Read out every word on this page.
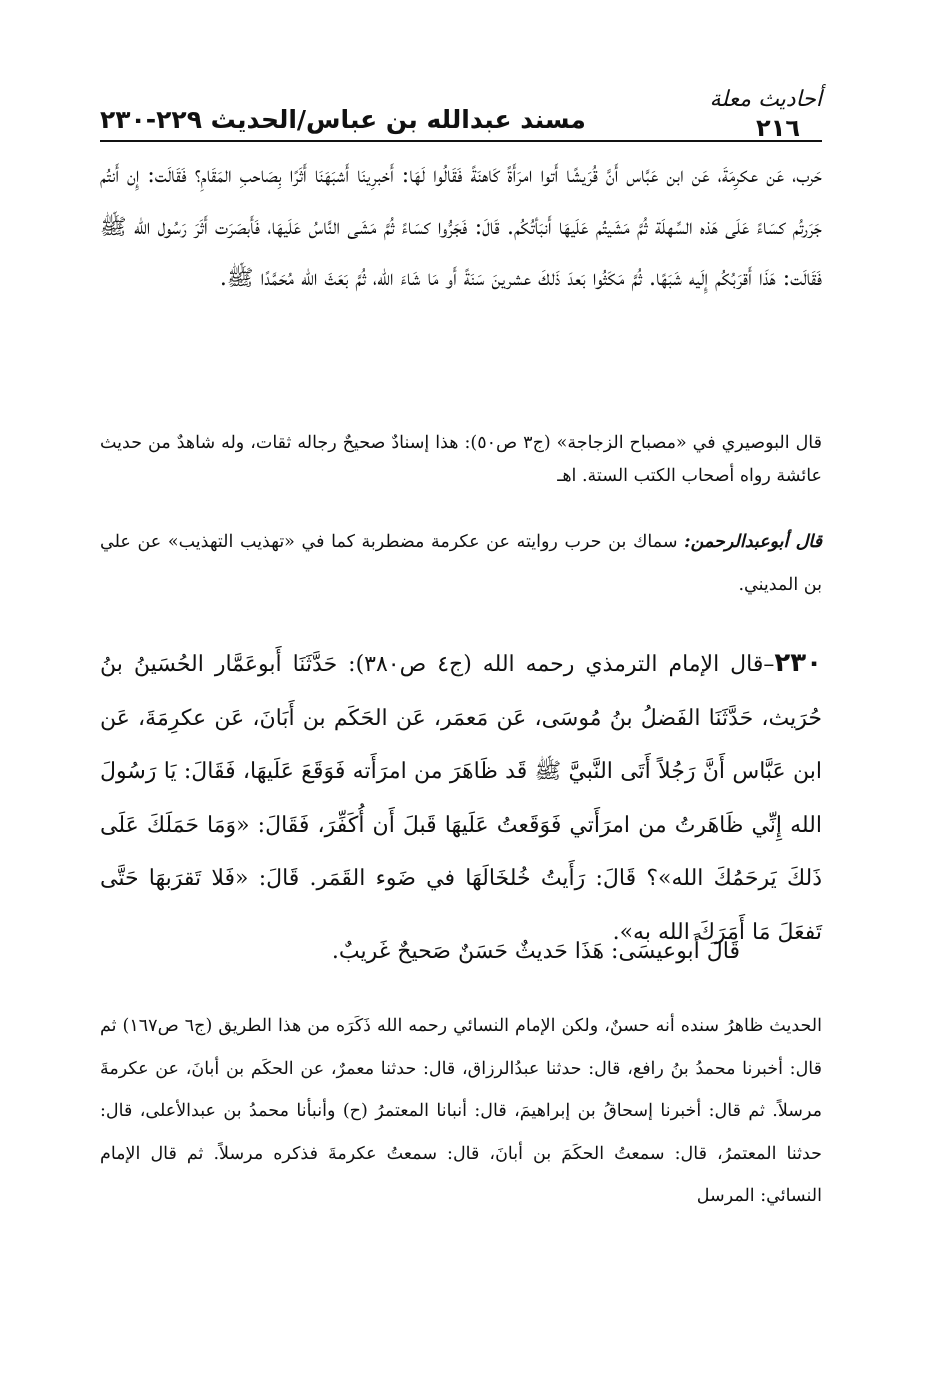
أحاديث معلة
٢١٦
مسند عبدالله بن عباس/الحديث ٢٢٩-٢٣٠

حَرب، عَن عكرِمَةَ، عَن ابن عَبَّاس أَنَّ قُرَيشًا أَتوا امرَأَةً كَاهنَةً فَقَالُوا لَهَا: أَخبرِينَا أَشبَهَنَا أَثَرًا بِصَاحبِ المَقَامِ؟ فَقَالَت: إِن أَنتُم جَرَرتُم كسَاءً عَلَى هَذه السِّهلَة ثُمَّ مَشَيتُم عَلَيهَا أَنبَأتُكُم. قَالَ: فَجَرُّوا كسَاءً ثُمَّ مَشَى النَّاسُ عَلَيهَا، فَأَبصَرَت أَثَرَ رَسُول الله ﷺ فَقَالَت: هَذَا أَقرَبُكُم إِلَيه شَبَهًا. ثُمَّ مَكَثُوا بَعدَ ذَلكَ عشرينَ سَنَةً أَو مَا شَاءَ الله، ثُمَّ بَعَثَ الله مُحَمَّدًا ﷺ.

قال البوصيري في «مصباح الزجاجة» (ج٣ ص٥٠): هذا إسنادٌ صحيحٌ رجاله ثقات، وله شاهدٌ من حديث عائشة رواه أصحاب الكتب الستة. اهـ

قال أبوعبدالرحمن: سماك بن حرب روايته عن عكرمة مضطربة كما في «تهذيب التهذيب» عن علي بن المديني.

٢٣٠–قال الإمام الترمذي رحمه الله (ج٤ ص٣٨٠): حَدَّثَنَا أَبوعَمَّار الحُسَينُ بنُ حُرَيث، حَدَّثَنَا الفَضلُ بنُ مُوسَى، عَن مَعمَر، عَن الحَكَم بن أَبَانَ، عَن عكرِمَةَ، عَن ابن عَبَّاس أَنَّ رَجُلاً أَتَى النَّبيَّ ﷺ قَد ظَاهَرَ من امرَأَته فَوَقَعَ عَلَيهَا، فَقَالَ: يَا رَسُولَ الله إِنِّي ظَاهَرتُ من امرَأَتي فَوَقَعتُ عَلَيهَا قَبلَ أَن أُكَفِّرَ، فَقَالَ: «وَمَا حَمَلَكَ عَلَى ذَلكَ يَرحَمُكَ الله»؟ قَالَ: رَأَيتُ خُلخَالَهَا في ضَوء القَمَر. قَالَ: «فَلا تَقرَبهَا حَتَّى تَفعَلَ مَا أَمَرَكَ الله به».

قَالَ أَبوعيسَى: هَذَا حَديثٌ حَسَنٌ صَحيحٌ غَريبٌ.

الحديث ظاهرُ سنده أنه حسنٌ، ولكن الإمام النسائي رحمه الله ذَكَرَه من هذا الطريق (ج٦ ص١٦٧) ثم قال: أخبرنا محمدُ بنُ رافع، قال: حدثنا عبدُالرزاق، قال: حدثنا معمرٌ، عن الحكَم بن أبانَ، عن عكرمةَ مرسلاً. ثم قال: أخبرنا إسحاقُ بن إبراهيمَ، قال: أنبانا المعتمرُ (ح) وأنبأنا محمدُ بن عبدالأعلى، قال: حدثنا المعتمرُ، قال: سمعتُ الحكَمَ بن أبانَ، قال: سمعتُ عكرمةَ فذكره مرسلاً. ثم قال الإمام النسائي: المرسل
